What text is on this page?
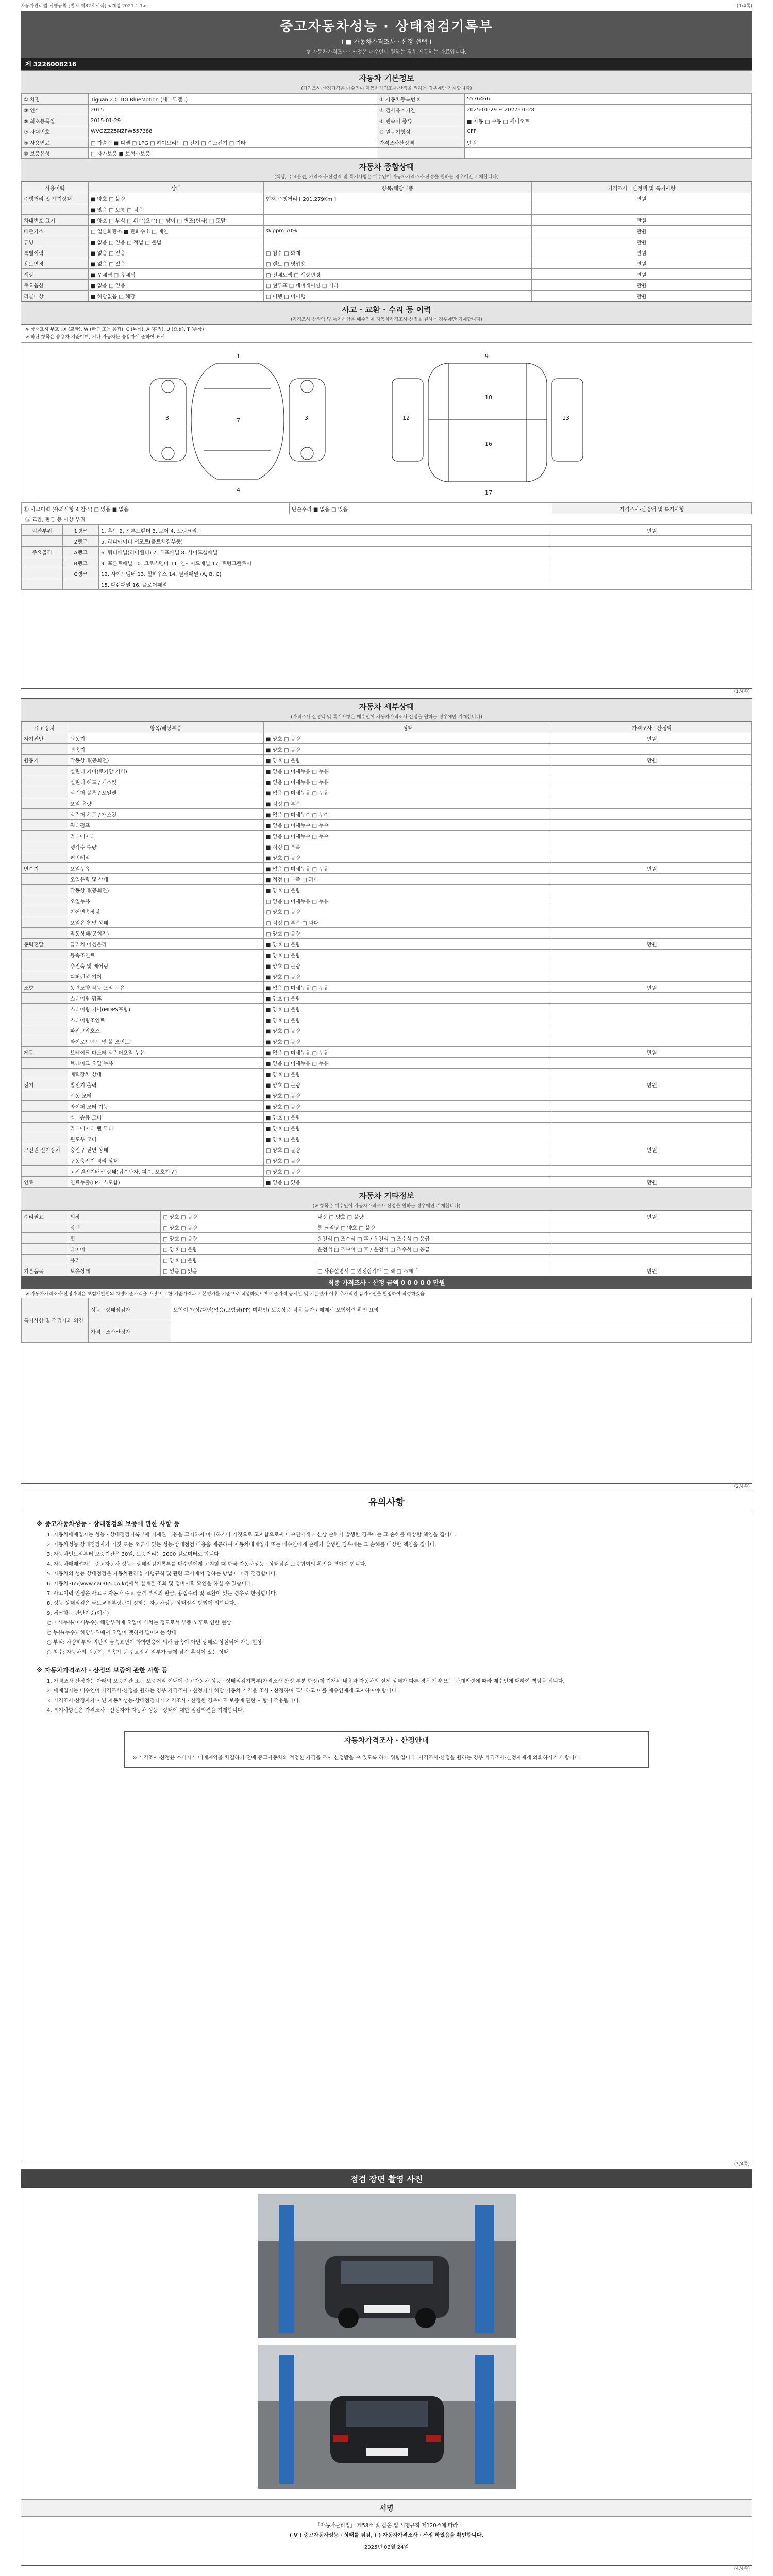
자동차관리법 시행규칙 [별지 제82호서식] <개정 2021.1.1>	(1/4쪽)
중고자동차성능 · 상태점검기록부
( ■ 자동차가격조사 · 산정 선택 )
※ 자동차가격조사 · 산정은 매수인이 원하는 경우 제공하는 자료입니다.
제 3226008216
자동차 기본정보
(가격조사·산정가격은 매수인이 자동차가격조사·산정을 원하는 경우에만 기재합니다)
① 차명	Tiguan 2.0 TDI BlueMotion (세부모델: )	② 자동차등록번호	5576466
③ 연식	2015	④ 검사유효기간	2025-01-29 ~ 2027-01-28
⑤ 최초등록일	2015-01-29	⑥ 변속기 종류	■ 자동 □ 수동 □ 세미오토
⑦ 차대번호	WVGZZZ5NZFW557388	⑧ 원동기형식	CFF
⑨ 사용연료	□ 가솔린 ■ 디젤 □ LPG □ 하이브리드 □ 전기 □ 수소전기 □ 기타	가격조사산정액	만원
⑩ 보증유형	□ 자가보증 ■ 보험사보증		
자동차 종합상태
(색상, 주요옵션, 가격조사·산정액 및 특기사항은 매수인이 자동차가격조사·산정을 원하는 경우에만 기재합니다)
사용이력	상태	항목/해당부품	가격조사 · 산정액 및 특기사항
주행거리 및 계기상태	■ 양호 □ 불량	현재 주행거리 [ 201,279Km ]	만원
	■ 많음 □ 보통 □ 적음		
차대번호 표기	■ 양호 □ 부식 □ 훼손(오손) □ 상이 □ 변조(변타) □ 도말		만원
배출가스	□ 일산화탄소 ■ 탄화수소 □ 매연	% ppm 70%	만원
튜닝	■ 없음 □ 있음 □ 적법 □ 불법		만원
특별이력	■ 없음 □ 있음	□ 침수 □ 화재	만원
용도변경	■ 없음 □ 있음	□ 렌트 □ 영업용	만원
색상	■ 무채색 □ 유채색	□ 전체도색 □ 색상변경	만원
주요옵션	■ 없음 □ 있음	□ 썬루프 □ 네비게이션 □ 기타	만원
리콜대상	■ 해당없음 □ 해당	□ 이행 □ 미이행	만원
사고 · 교환 · 수리 등 이력
(가격조사·산정액 및 특기사항은 매수인이 자동차가격조사·산정을 원하는 경우에만 기재합니다)
※ 상태표시 부호 : X (교환), W (판금 또는 용접), C (부식), A (흠집), U (요철), T (손상)
※ 하단 항목은 승용차 기준이며, 기타 자동차는 승용차에 준하여 표시
1
7
3	3
4
9
10
16
17
12	13
⑪ 사고이력 (유의사항 4 참조) □ 있음 ■ 없음	단순수리 ■ 없음 □ 있음	가격조사·산정액 및 특기사항
⑫ 교환, 판금 등 이상 부위
외판부위	1랭크	1. 후드 2. 프론트휀더 3. 도어 4. 트렁크리드	만원
	2랭크	5. 라디에이터 서포트(볼트체결부품)	
주요골격	A랭크	6. 쿼터패널(리어휀더) 7. 루프패널 8. 사이드실패널	
	B랭크	9. 프론트패널 10. 크로스멤버 11. 인사이드패널 17. 트렁크플로어	
	C랭크	12. 사이드멤버 13. 휠하우스 14. 필러패널 (A, B, C)	
		15. 대쉬패널 16. 플로어패널	
(1/4쪽)
자동차 세부상태
(가격조사·산정액 및 특기사항은 매수인이 자동차가격조사·산정을 원하는 경우에만 기재합니다)
주요장치	항목/해당부품	상태	가격조사 · 산정액
자기진단	원동기	■ 양호 □ 불량	만원
	변속기	■ 양호 □ 불량	
원동기	작동상태(공회전)	■ 양호 □ 불량	만원
	실린더 커버(로커암 커버)	■ 없음 □ 미세누유 □ 누유	
	실린더 헤드 / 개스킷	■ 없음 □ 미세누유 □ 누유	
	실린더 블록 / 오일팬	■ 없음 □ 미세누유 □ 누유	
	오일 유량	■ 적정 □ 부족	
	실린더 헤드 / 개스킷	■ 없음 □ 미세누수 □ 누수	
	워터펌프	■ 없음 □ 미세누수 □ 누수	
	라디에이터	■ 없음 □ 미세누수 □ 누수	
	냉각수 수량	■ 적정 □ 부족	
	커먼레일	■ 양호 □ 불량	
변속기	오일누유	■ 없음 □ 미세누유 □ 누유	만원
	오일유량 및 상태	■ 적정 □ 부족 □ 과다	
	작동상태(공회전)	■ 양호 □ 불량	
	오일누유	□ 없음 □ 미세누유 □ 누유	
	기어변속장치	□ 양호 □ 불량	
	오일유량 및 상태	□ 적정 □ 부족 □ 과다	
	작동상태(공회전)	□ 양호 □ 불량	
동력전달	클러치 어셈블리	■ 양호 □ 불량	만원
	등속조인트	■ 양호 □ 불량	
	추진축 및 베어링	■ 양호 □ 불량	
	디퍼렌셜 기어	■ 양호 □ 불량	
조향	동력조향 작동 오일 누유	■ 없음 □ 미세누유 □ 누유	만원
	스티어링 펌프	■ 양호 □ 불량	
	스티어링 기어(MDPS포함)	■ 양호 □ 불량	
	스티어링조인트	■ 양호 □ 불량	
	파워고압호스	■ 양호 □ 불량	
	타이로드엔드 및 볼 조인트	■ 양호 □ 불량	
제동	브레이크 마스터 실린더오일 누유	■ 없음 □ 미세누유 □ 누유	만원
	브레이크 오일 누유	■ 없음 □ 미세누유 □ 누유	
	배력장치 상태	■ 양호 □ 불량	
전기	발전기 출력	■ 양호 □ 불량	만원
	시동 모터	■ 양호 □ 불량	
	와이퍼 모터 기능	■ 양호 □ 불량	
	실내송풍 모터	■ 양호 □ 불량	
	라디에이터 팬 모터	■ 양호 □ 불량	
	윈도우 모터	■ 양호 □ 불량	
고전원 전기장치	충전구 절연 상태	□ 양호 □ 불량	만원
	구동축전지 격리 상태	□ 양호 □ 불량	
	고전원전기배선 상태(접속단자, 피복, 보호기구)	□ 양호 □ 불량	
연료	연료누출(LP가스포함)	■ 없음 □ 있음	만원
자동차 기타정보
(※ 항목은 매수인이 자동차가격조사·산정을 원하는 경우에만 기재합니다)
수리필요	외장	□ 양호 □ 불량	내장 □ 양호 □ 불량	만원
	광택	□ 양호 □ 불량	룸 크리닝 □ 양호 □ 불량	
	휠	□ 양호 □ 불량	운전석 □ 조수석 □ 후 / 운전석 □ 조수석 □ 응급	
	타이어	□ 양호 □ 불량	운전석 □ 조수석 □ 후 / 운전석 □ 조수석 □ 응급	
	유리	□ 양호 □ 불량		
기본품목	보유상태	□ 없음 □ 있음	□ 사용설명서 □ 안전삼각대 □ 잭 □ 스패너	만원
최종 가격조사 · 산정 금액 0 0 0 0 0 만원
※ 자동차가격조사·산정가격은 보험개발원의 차량기준가액을 바탕으로 한 기준가격과 기본평가를 기준으로 작성하였으며 기준가격 공시일 및 기본평가 이후 추가적인 감가요인을 반영하여 작성하였음
특기사항 및 점검자의 의견	성능 · 상태점검자	보험이력(상/대인)없음(보험금(PP) 미확인) 보증상품 적용 불가 / 매매시 보험이력 확인 요망
	가격 · 조사산정자	
(2/4쪽)
유의사항
※ 중고자동차성능 · 상태점검의 보증에 관한 사항 등
1. 자동차매매업자는 성능 · 상태점검기록부에 기재된 내용을 고지하지 아니하거나 거짓으로 고지함으로써 매수인에게 재산상 손해가 발생한 경우에는 그 손해를 배상할 책임을 집니다.
2. 자동차성능·상태점검자가 거짓 또는 오류가 있는 성능·상태점검 내용을 제공하여 자동차매매업자 또는 매수인에게 손해가 발생한 경우에는 그 손해를 배상할 책임을 집니다.
3. 자동차인도일부터 보증기간은 30일, 보증거리는 2000 킬로미터로 합니다.
4. 자동차매매업자는 중고자동차 성능 · 상태점검기록부를 매수인에게 고지할 때 한국 자동차성능 · 상태점검 보증협회의 확인을 받아야 합니다.
5. 자동차의 성능·상태점검은 자동차관리법 시행규칙 및 관련 고시에서 정하는 방법에 따라 점검합니다.
6. 자동차365(www.car365.go.kr)에서 실매물 조회 및 정비이력 확인을 하실 수 있습니다.
7. 사고이력 인정은 사고로 자동차 주요 골격 부위의 판금, 용접수리 및 교환이 있는 경우로 한정합니다.
8. 성능·상태점검은 국토교통부장관이 정하는 자동차성능·상태점검 방법에 의합니다.
9. 체크항목 판단기준(예시)
○ 미세누유(미세누수): 해당부위에 오일이 비치는 정도로서 부품 노후로 인한 현상
○ 누유(누수): 해당부위에서 오일이 맺혀서 떨어지는 상태
○ 부식: 차량하부와 외판의 금속표면이 화학반응에 의해 금속이 아닌 상태로 상실되어 가는 현상
○ 침수: 자동차의 원동기, 변속기 등 주요장치 일부가 물에 잠긴 흔적이 있는 상태
※ 자동차가격조사 · 산정의 보증에 관한 사항 등
1. 가격조사·산정자는 아래의 보증기간 또는 보증거리 이내에 중고자동차 성능 · 상태점검기록부(가격조사·산정 부분 한정)에 기재된 내용과 자동차의 실제 상태가 다른 경우 계약 또는 관계법령에 따라 매수인에 대하여 책임을 집니다.
2. 매매업자는 매수인이 가격조사·산정을 원하는 경우 가격조사 · 산정자가 해당 자동차 가격을 조사 · 산정하여 교부하고 이를 매수인에게 고지하여야 합니다.
3. 가격조사·산정자가 아닌 자동차성능·상태점검자가 가격조사 · 산정한 경우에도 보증에 관한 사항이 적용됩니다.
4. 특기사항란은 가격조사 · 산정자가 자동차 성능 · 상태에 대한 점검의견을 기재합니다.
자동차가격조사 · 산정안내
※ 가격조사·산정은 소비자가 매매계약을 체결하기 전에 중고자동차의 적정한 가격을 조사·산정받을 수 있도록 하기 위함입니다. 가격조사·산정을 원하는 경우 가격조사·산정자에게 의뢰하시기 바랍니다.
(3/4쪽)
점검 장면 촬영 사진
서명
「자동차관리법」 제58조 및 같은 법 시행규칙 제120조에 따라
( V ) 중고자동차성능 · 상태를 점검, ( ) 자동차가격조사 · 산정 하였음을 확인합니다.
2025년 03월 24일
(4/4쪽)
